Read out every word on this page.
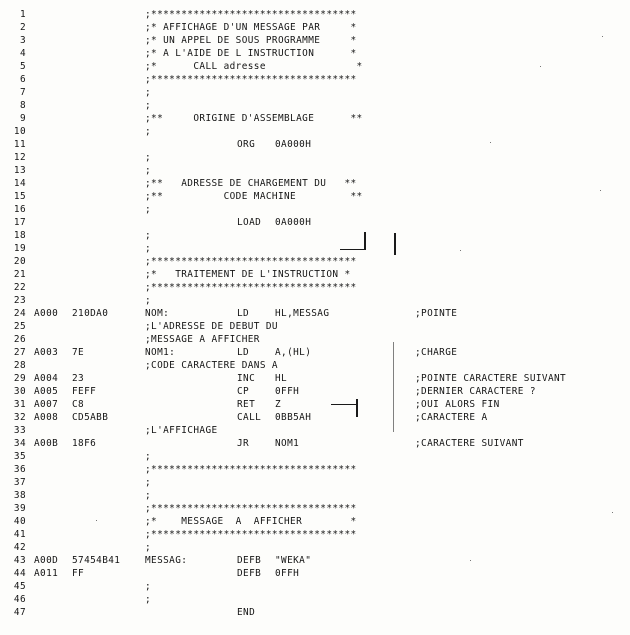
1	;**********************************
2	;* AFFICHAGE D'UN MESSAGE PAR     *
3	;* UN APPEL DE SOUS PROGRAMME     *
4	;* A L'AIDE DE L INSTRUCTION      *
5	;*      CALL adresse               *
6	;**********************************
7	;
8	;
9	;**     ORIGINE D'ASSEMBLAGE      **
10	;
11	ORG 0A000H
12	;
13	;
14	;**   ADRESSE DE CHARGEMENT DU   **
15	;**          CODE MACHINE         **
16	;
17	LOAD 0A000H
18	;
19	;
20	;**********************************
21	;*   TRAITEMENT DE L'INSTRUCTION *
22	;**********************************
23	;
24 A000 210DA0	NOM:	LD	HL,MESSAG	;POINTE
25	;L'ADRESSE DE DEBUT DU
26	;MESSAGE A AFFICHER
27 A003 7E	NOM1:	LD	A,(HL)	;CHARGE
28	;CODE CARACTERE DANS A
29 A004 23	INC HL	;POINTE CARACTERE SUIVANT
30 A005 FEFF	CP	0FFH	;DERNIER CARACTERE ?
31 A007 C8	RET Z	;OUI ALORS FIN
32 A008 CD5ABB	CALL 0BB5AH	;CARACTERE A
33	;L'AFFICHAGE
34 A00B 18F6	JR	NOM1	;CARACTERE SUIVANT
35	;
36	;**********************************
37	;
38	;
39	;**********************************
40	;*    MESSAGE  A  AFFICHER        *
41	;**********************************
42	;
43 A00D 57454B41	MESSAG:	DEFB "WEKA"
44 A011 FF	DEFB 0FFH
45	;
46	;
47	END
